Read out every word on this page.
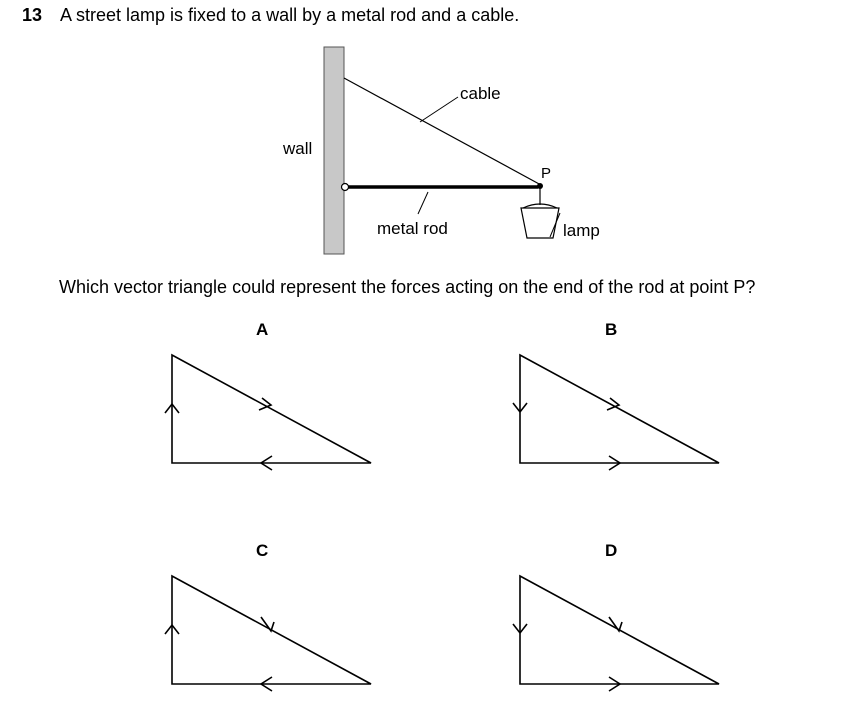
13 A street lamp is fixed to a wall by a metal rod and a cable.
cable
wall
P
metal rod	lamp
Which vector triangle could represent the forces acting on the end of the rod at point P?
A	B
C	D
